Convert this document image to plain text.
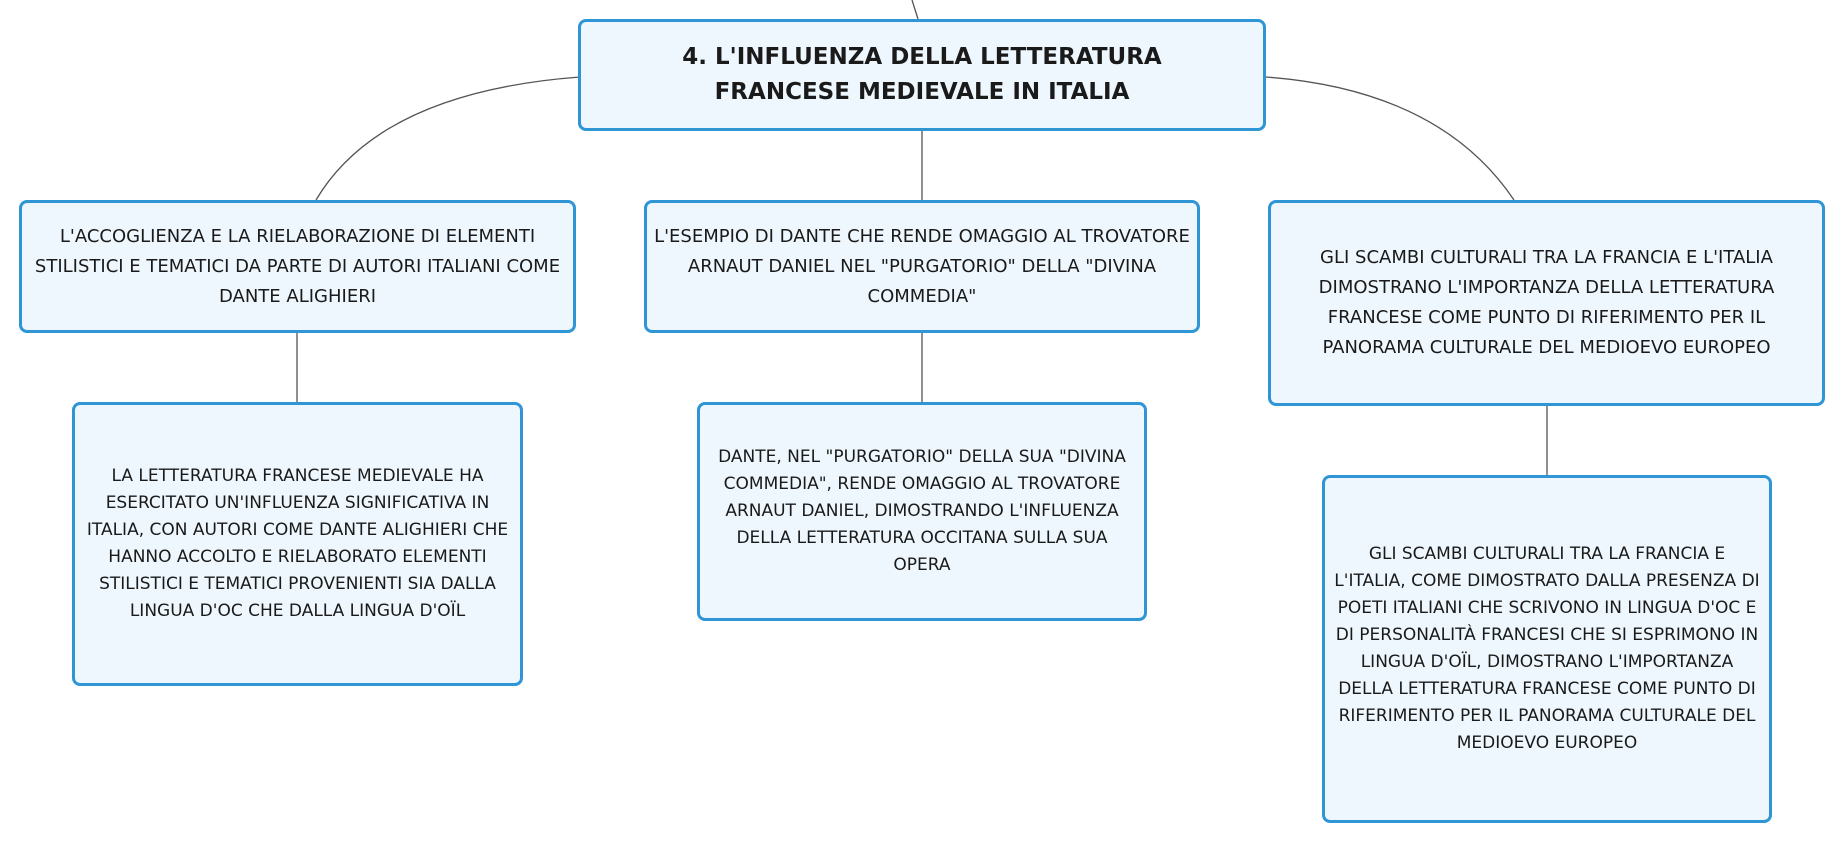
4. L'INFLUENZA DELLA LETTERATURA FRANCESE MEDIEVALE IN ITALIA
L'ACCOGLIENZA E LA RIELABORAZIONE DI ELEMENTI STILISTICI E TEMATICI DA PARTE DI AUTORI ITALIANI COME DANTE ALIGHIERI
L'ESEMPIO DI DANTE CHE RENDE OMAGGIO AL TROVATORE ARNAUT DANIEL NEL "PURGATORIO" DELLA "DIVINA COMMEDIA"
GLI SCAMBI CULTURALI TRA LA FRANCIA E L'ITALIA DIMOSTRANO L'IMPORTANZA DELLA LETTERATURA FRANCESE COME PUNTO DI RIFERIMENTO PER IL PANORAMA CULTURALE DEL MEDIOEVO EUROPEO
LA LETTERATURA FRANCESE MEDIEVALE HA ESERCITATO UN'INFLUENZA SIGNIFICATIVA IN ITALIA, CON AUTORI COME DANTE ALIGHIERI CHE HANNO ACCOLTO E RIELABORATO ELEMENTI STILISTICI E TEMATICI PROVENIENTI SIA DALLA LINGUA D'OC CHE DALLA LINGUA D'OÏL
DANTE, NEL "PURGATORIO" DELLA SUA "DIVINA COMMEDIA", RENDE OMAGGIO AL TROVATORE ARNAUT DANIEL, DIMOSTRANDO L'INFLUENZA DELLA LETTERATURA OCCITANA SULLA SUA OPERA
GLI SCAMBI CULTURALI TRA LA FRANCIA E L'ITALIA, COME DIMOSTRATO DALLA PRESENZA DI POETI ITALIANI CHE SCRIVONO IN LINGUA D'OC E DI PERSONALITÀ FRANCESI CHE SI ESPRIMONO IN LINGUA D'OÏL, DIMOSTRANO L'IMPORTANZA DELLA LETTERATURA FRANCESE COME PUNTO DI RIFERIMENTO PER IL PANORAMA CULTURALE DEL MEDIOEVO EUROPEO
